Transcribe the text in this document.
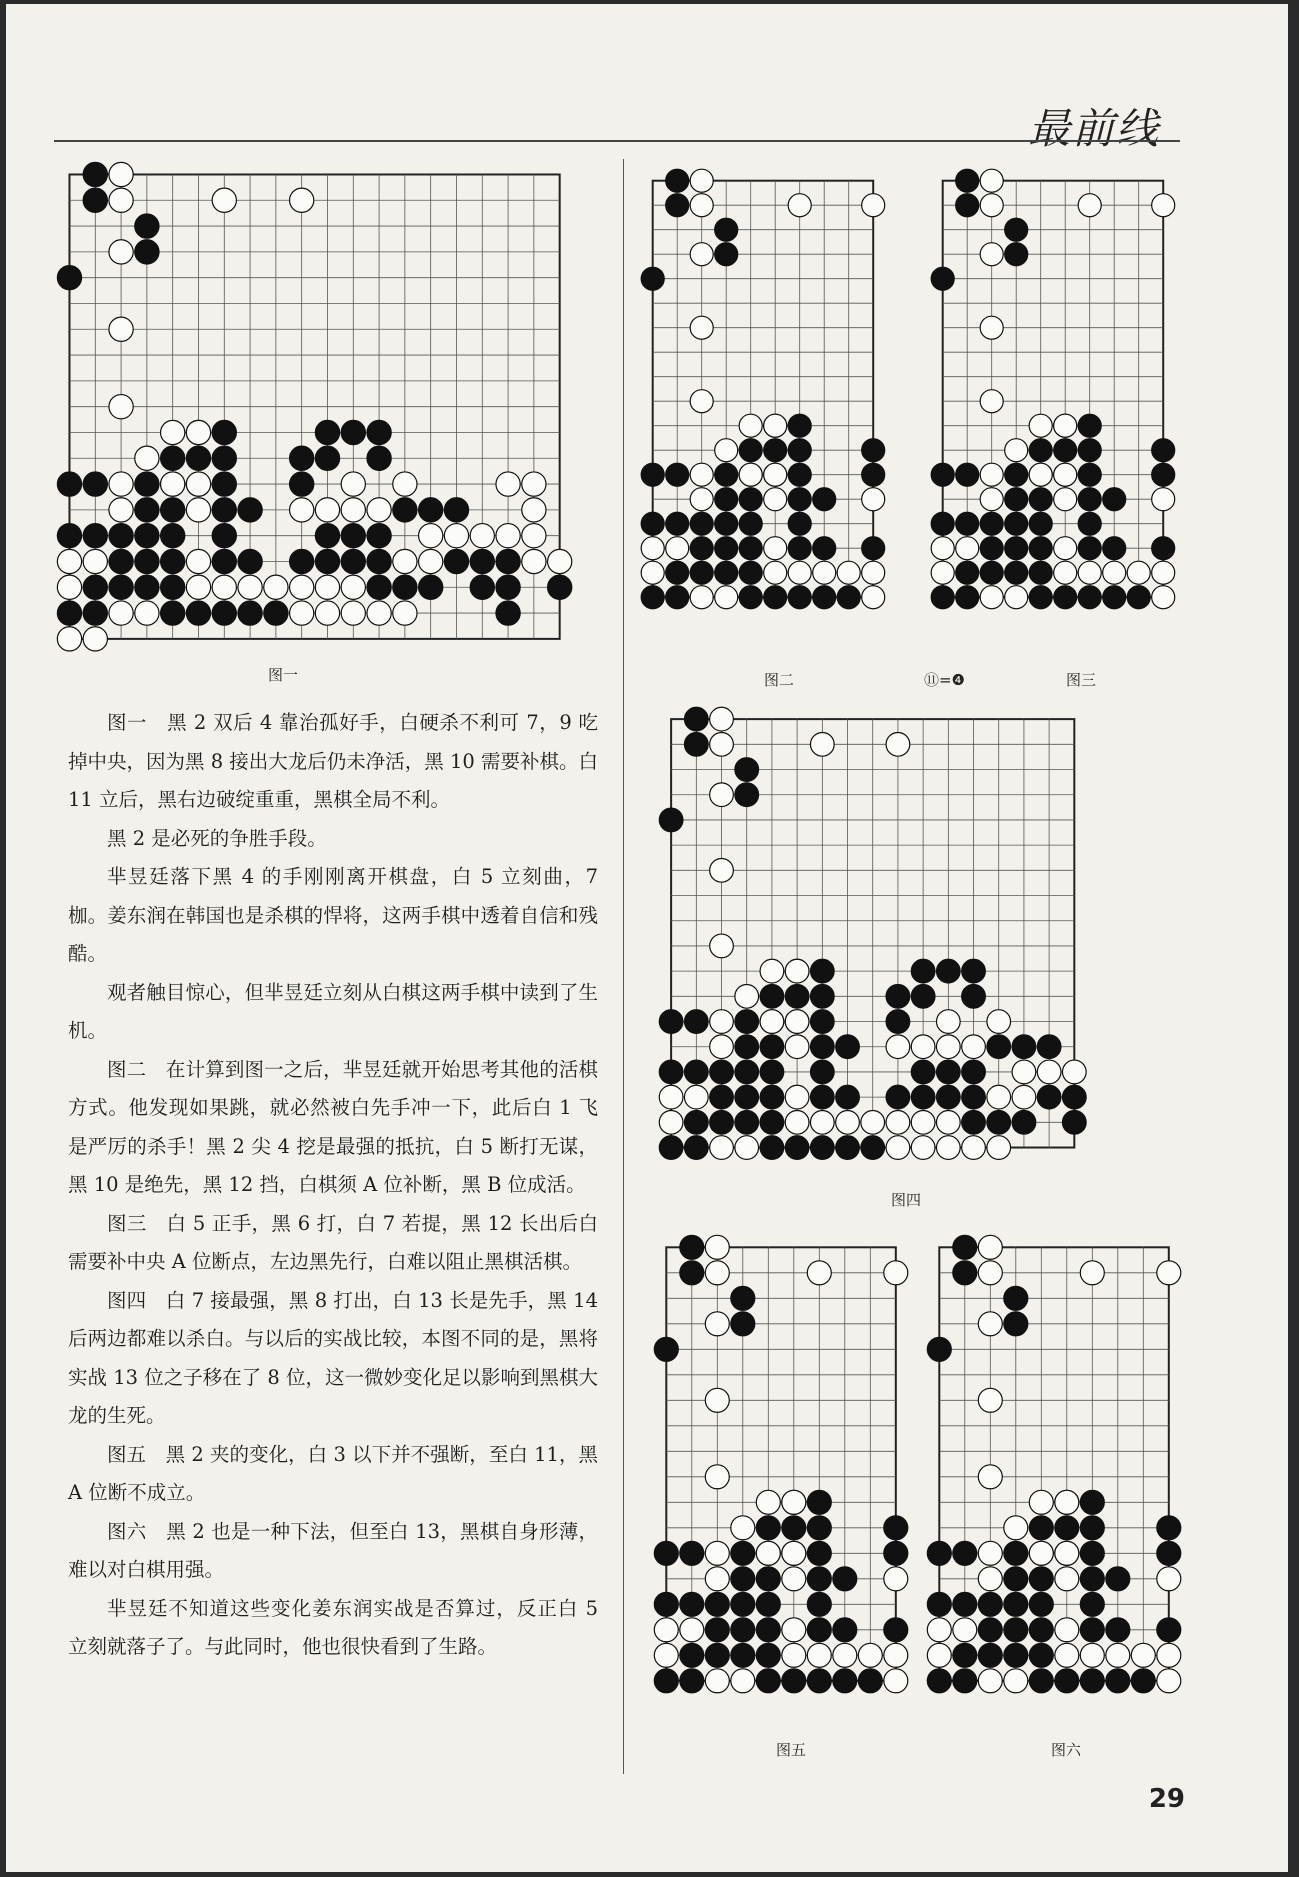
最前线
图一	图二	⑪=❹	图三
图四
图五	图六

图一　黑 2 双后 4 靠治孤好手，白硬杀不利可 7，9 吃掉中央，因为黑 8 接出大龙后仍未净活，黑 10 需要补棋。白 11 立后，黑右边破绽重重，黑棋全局不利。

黑 2 是必死的争胜手段。

芈昱廷落下黑 4 的手刚刚离开棋盘，白 5 立刻曲，7 枷。姜东润在韩国也是杀棋的悍将，这两手棋中透着自信和残酷。

观者触目惊心，但芈昱廷立刻从白棋这两手棋中读到了生机。

图二　在计算到图一之后，芈昱廷就开始思考其他的活棋方式。他发现如果跳，就必然被白先手冲一下，此后白 1 飞是严厉的杀手！黑 2 尖 4 挖是最强的抵抗，白 5 断打无谋，黑 10 是绝先，黑 12 挡，白棋须 A 位补断，黑 B 位成活。

图三　白 5 正手，黑 6 打，白 7 若提，黑 12 长出后白需要补中央 A 位断点，左边黑先行，白难以阻止黑棋活棋。

图四　白 7 接最强，黑 8 打出，白 13 长是先手，黑 14 后两边都难以杀白。与以后的实战比较，本图不同的是，黑将实战 13 位之子移在了 8 位，这一微妙变化足以影响到黑棋大龙的生死。

图五　黑 2 夹的变化，白 3 以下并不强断，至白 11，黑 A 位断不成立。

图六　黑 2 也是一种下法，但至白 13，黑棋自身形薄，难以对白棋用强。

芈昱廷不知道这些变化姜东润实战是否算过，反正白 5 立刻就落子了。与此同时，他也很快看到了生路。

29
